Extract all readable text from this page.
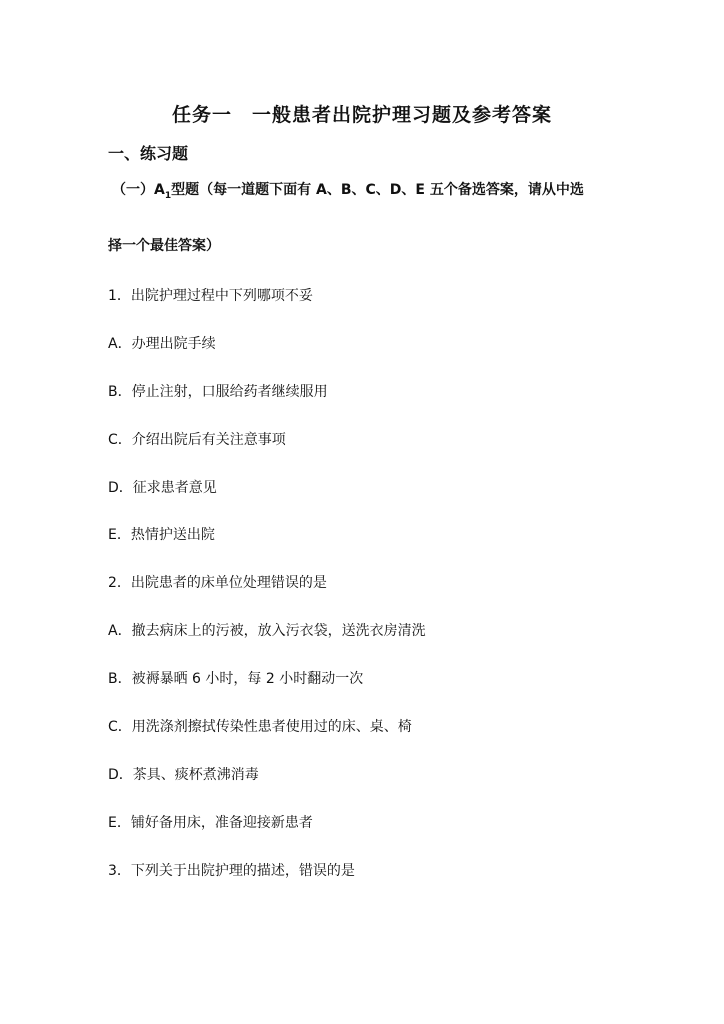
任务一　一般患者出院护理习题及参考答案
一、练习题
（一）$A_1$型题（每一道题下面有 A、B、C、D、E 五个备选答案，请从中选
择一个最佳答案）
1．出院护理过程中下列哪项不妥
A．办理出院手续
B．停止注射，口服给药者继续服用
C．介绍出院后有关注意事项
D．征求患者意见
E．热情护送出院
2．出院患者的床单位处理错误的是
A．撤去病床上的污被，放入污衣袋，送洗衣房清洗
B．被褥暴晒 6 小时，每 2 小时翻动一次
C．用洗涤剂擦拭传染性患者使用过的床、桌、椅
D．茶具、痰杯煮沸消毒
E．铺好备用床，准备迎接新患者
3．下列关于出院护理的描述，错误的是
